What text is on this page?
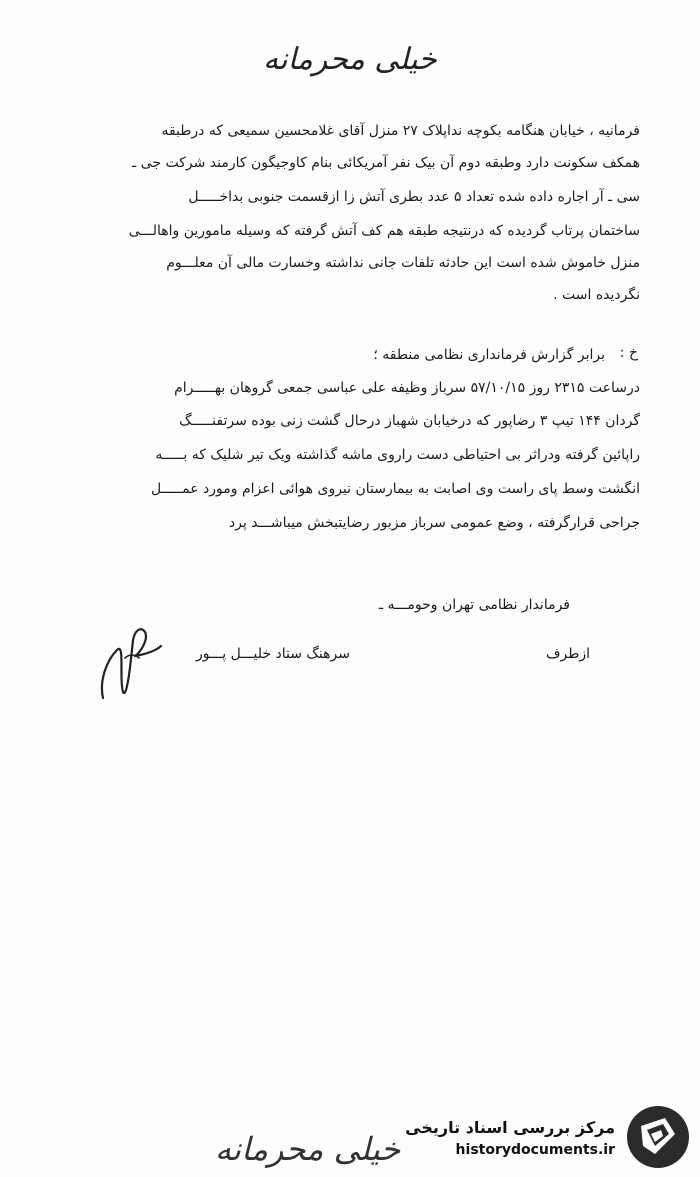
خیلی محرمانه
فرمانیه ، خیابان هنگامه بکوچه نداپلاک ۲۷ منزل آقای غلامحسین سمیعی که درطبقه
همکف سکونت دارد وطبقه دوم آن بیک نفر آمریکائی بنام کاوجیگون کارمند شرکت جی ـ
سی ـ آر اجاره داده شده تعداد ۵ عدد بطری آتش زا ازقسمت جنوبی بداخـــــل
ساختمان پرتاب گردیده که درنتیجه طبقه هم کف آتش گرفته که وسیله مامورین واهالـــی
منزل خاموش شده است این حادثه تلفات جانی نداشته وخسارت مالی آن معلـــوم
نگردیده است .
خ :
برابر گزارش فرمانداری نظامی منطقه ؛
درساعت ۲۳۱۵ روز ۵۷/۱۰/۱۵ سرباز وظیفه علی عباسی جمعی گروهان بهـــــرام
گردان ۱۴۴ تیپ ۳ رضاپور که درخیابان شهباز درحال گشت زنی بوده سرتفنـــــگ
راپائین گرفته ودراثر بی احتیاطی دست راروی ماشه گذاشته ویک تیر شلیک که بـــــه
انگشت وسط پای راست وی اصابت به بیمارستان نیروی هوائی اعزام ومورد عمـــــل
جراحی قرارگرفته ، وضع عمومی سرباز مزبور رضایتبخش میباشـــد پرد
فرماندار نظامی تهران وحومـــه ـ
ازطرف
سرهنگ ستاد خلیـــل پـــور
خیلی محرمانه
مرکز بررسی اسناد تاریخی
historydocuments.ir
